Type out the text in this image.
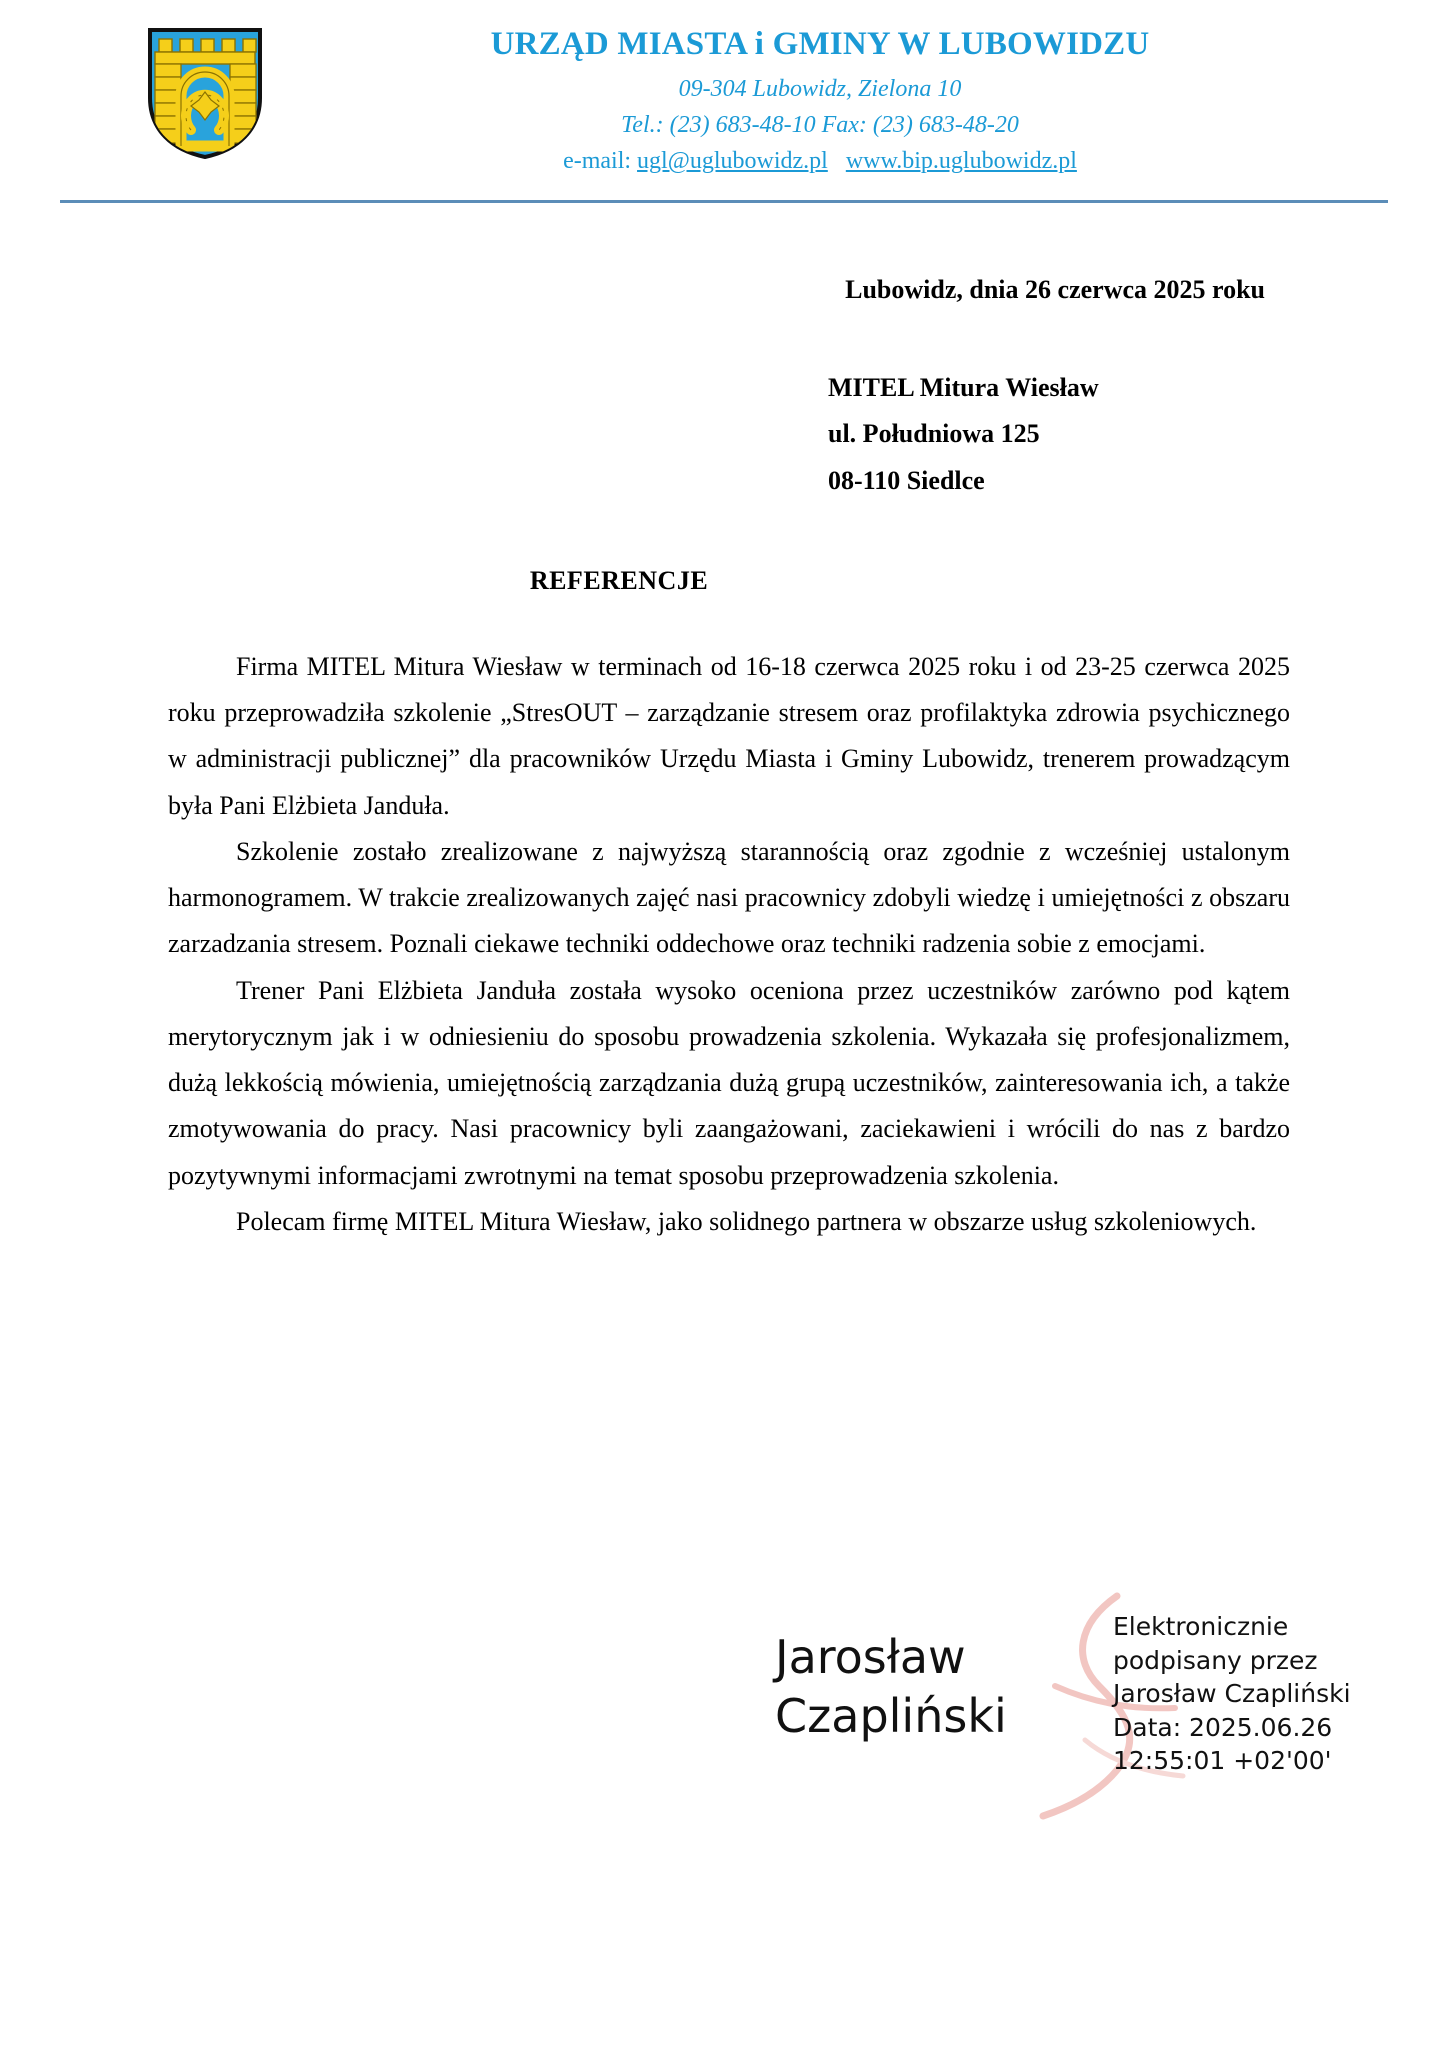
URZĄD MIASTA i GMINY W LUBOWIDZU
09-304 Lubowidz, Zielona 10
Tel.: (23) 683-48-10 Fax: (23) 683-48-20
e-mail: ugl@uglubowidz.pl www.bip.uglubowidz.pl
Lubowidz, dnia 26 czerwca 2025 roku
MITEL Mitura Wiesław
ul. Południowa 125
08-110 Siedlce
REFERENCJE

Firma MITEL Mitura Wiesław w terminach od 16-18 czerwca 2025 roku i od 23-25 czerwca 2025 roku przeprowadziła szkolenie „StresOUT – zarządzanie stresem oraz profilaktyka zdrowia psychicznego w administracji publicznej” dla pracowników Urzędu Miasta i Gminy Lubowidz, trenerem prowadzącym była Pani Elżbieta Janduła.

Szkolenie zostało zrealizowane z najwyższą starannością oraz zgodnie z wcześniej ustalonym harmonogramem. W trakcie zrealizowanych zajęć nasi pracownicy zdobyli wiedzę i umiejętności z obszaru zarzadzania stresem. Poznali ciekawe techniki oddechowe oraz techniki radzenia sobie z emocjami.

Trener Pani Elżbieta Janduła została wysoko oceniona przez uczestników zarówno pod kątem merytorycznym jak i w odniesieniu do sposobu prowadzenia szkolenia. Wykazała się profesjonalizmem, dużą lekkością mówienia, umiejętnością zarządzania dużą grupą uczestników, zainteresowania ich, a także zmotywowania do pracy. Nasi pracownicy byli zaangażowani, zaciekawieni i wrócili do nas z bardzo pozytywnymi informacjami zwrotnymi na temat sposobu przeprowadzenia szkolenia.

Polecam firmę MITEL Mitura Wiesław, jako solidnego partnera w obszarze usług szkoleniowych.

Jarosław
Czapliński
Elektronicznie
podpisany przez
Jarosław Czapliński
Data: 2025.06.26
12:55:01 +02'00'
